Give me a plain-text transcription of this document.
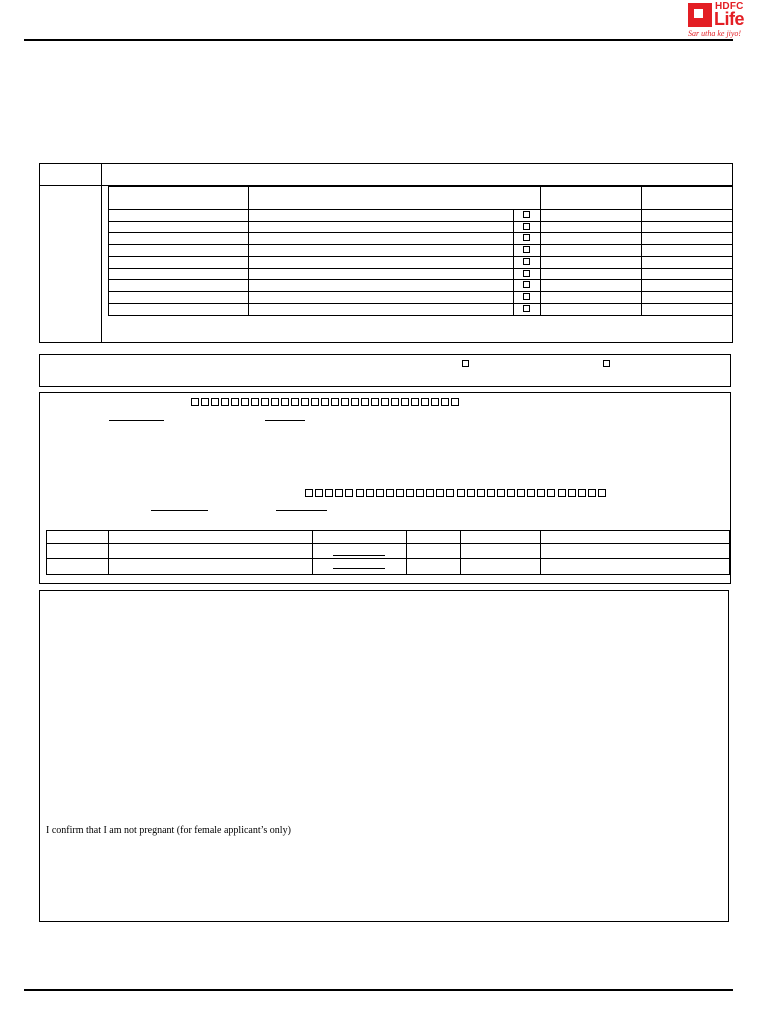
HDFC
Life
Sar utha ke jiyo!
I confirm that I am not pregnant (for female applicant’s only)
